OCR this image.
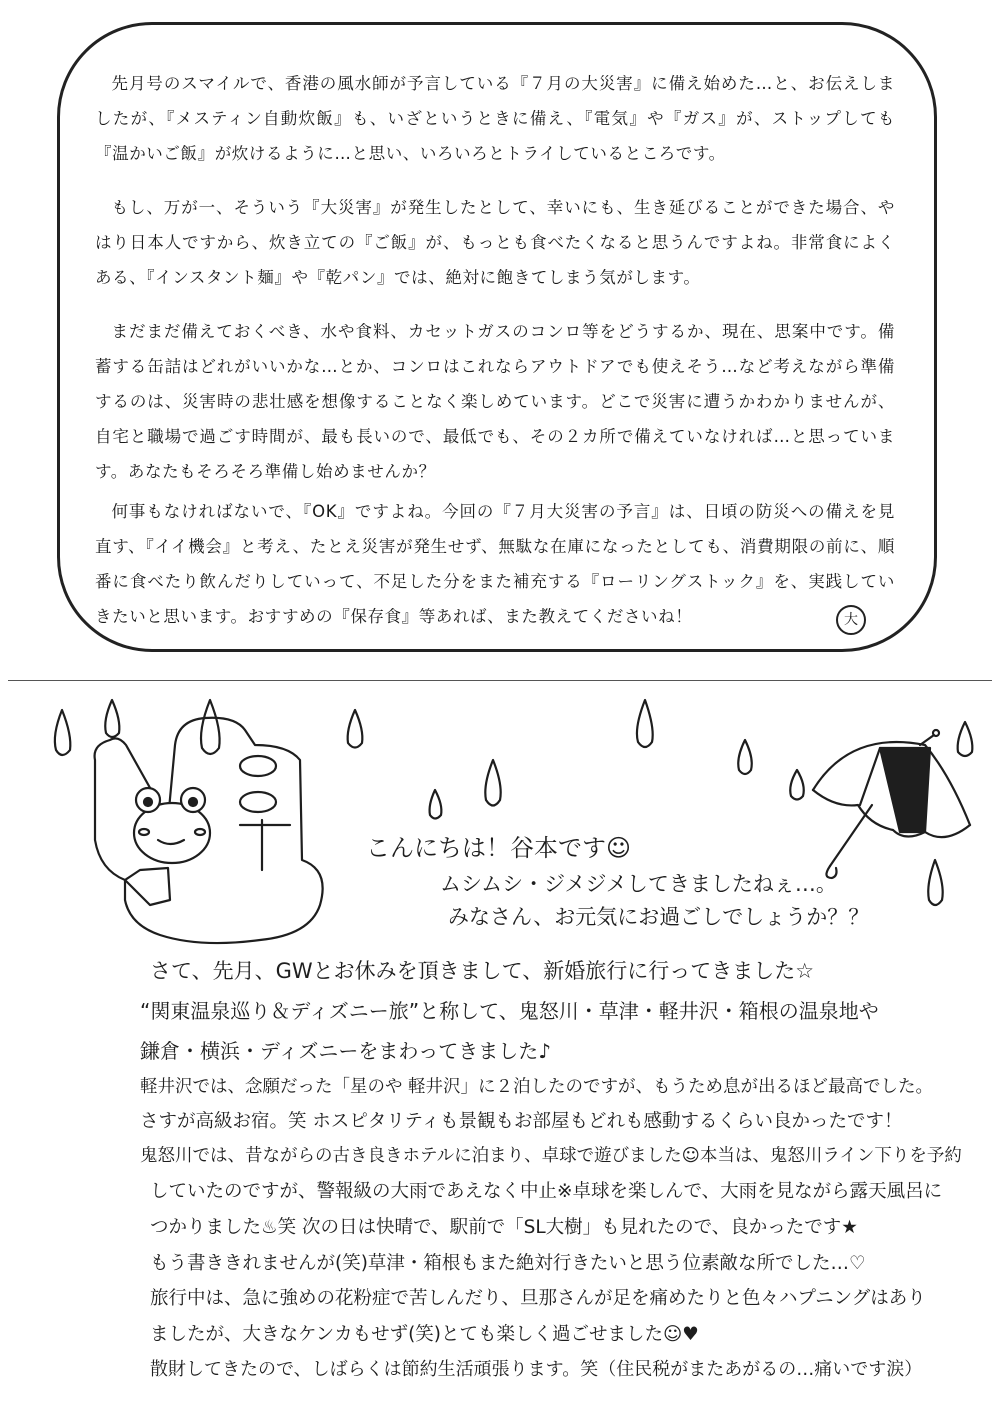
先月号のスマイルで、香港の風水師が予言している『７月の大災害』に備え始めた…と、お伝えしましたが、『メスティン自動炊飯』も、いざというときに備え、『電気』や『ガス』が、ストップしても『温かいご飯』が炊けるように…と思い、いろいろとトライしているところです。

もし、万が一、そういう『大災害』が発生したとして、幸いにも、生き延びることができた場合、やはり日本人ですから、炊き立ての『ご飯』が、もっとも食べたくなると思うんですよね。非常食によくある、『インスタント麺』や『乾パン』では、絶対に飽きてしまう気がします。

まだまだ備えておくべき、水や食料、カセットガスのコンロ等をどうするか、現在、思案中です。備蓄する缶詰はどれがいいかな…とか、コンロはこれならアウトドアでも使えそう…など考えながら準備するのは、災害時の悲壮感を想像することなく楽しめています。どこで災害に遭うかわかりませんが、自宅と職場で過ごす時間が、最も長いので、最低でも、その２カ所で備えていなければ…と思っています。あなたもそろそろ準備し始めませんか？

何事もなければないで、『OK』ですよね。今回の『７月大災害の予言』は、日頃の防災への備えを見直す、『イイ機会』と考え、たとえ災害が発生せず、無駄な在庫になったとしても、消費期限の前に、順番に食べたり飲んだりしていって、不足した分をまた補充する『ローリングストック』を、実践していきたいと思います。おすすめの『保存食』等あれば、また教えてくださいね！	大
こんにちは！谷本です☺
ムシムシ・ジメジメしてきましたねぇ…。
みなさん、お元気にお過ごしでしょうか？？
さて、先月、GWとお休みを頂きまして、新婚旅行に行ってきました☆
“関東温泉巡り＆ディズニー旅”と称して、鬼怒川・草津・軽井沢・箱根の温泉地や
鎌倉・横浜・ディズニーをまわってきました♪
軽井沢では、念願だった「星のや 軽井沢」に２泊したのですが、もうため息が出るほど最高でした。
さすが高級お宿。笑 ホスピタリティも景観もお部屋もどれも感動するくらい良かったです！
鬼怒川では、昔ながらの古き良きホテルに泊まり、卓球で遊びました☺本当は、鬼怒川ライン下りを予約
していたのですが、警報級の大雨であえなく中止※卓球を楽しんで、大雨を見ながら露天風呂に
つかりました♨笑 次の日は快晴で、駅前で「SL大樹」も見れたので、良かったです★
もう書ききれませんが(笑)草津・箱根もまた絶対行きたいと思う位素敵な所でした…♡
旅行中は、急に強めの花粉症で苦しんだり、旦那さんが足を痛めたりと色々ハプニングはあり
ましたが、大きなケンカもせず(笑)とても楽しく過ごせました☺♥
散財してきたので、しばらくは節約生活頑張ります。笑（住民税がまたあがるの…痛いです涙）
